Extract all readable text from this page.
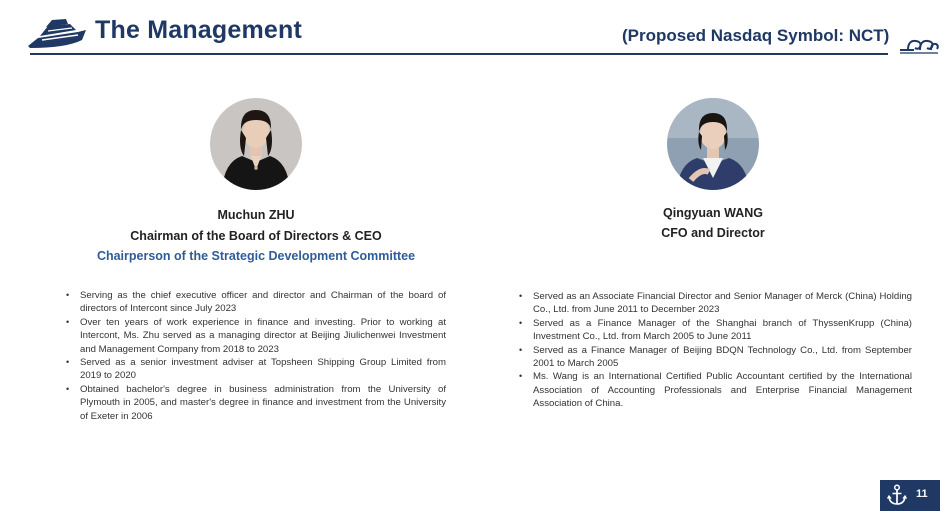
The Management	(Proposed Nasdaq Symbol: NCT)
Muchun ZHU
Chairman of the Board of Directors & CEO
Chairperson of the Strategic Development Committee
• Serving as the chief executive officer and director and Chairman of the board of directors of Intercont since July 2023
• Over ten years of work experience in finance and investing. Prior to working at Intercont, Ms. Zhu served as a managing director at Beijing Jiulichenwei Investment and Management Company from 2018 to 2023
• Served as a senior investment adviser at Topsheen Shipping Group Limited from 2019 to 2020
• Obtained bachelor's degree in business administration from the University of Plymouth in 2005, and master's degree in finance and investment from the University of Exeter in 2006
Qingyuan WANG
CFO and Director
• Served as an Associate Financial Director and Senior Manager of Merck (China) Holding Co., Ltd. from June 2011 to December 2023
• Served as a Finance Manager of the Shanghai branch of ThyssenKrupp (China) Investment Co., Ltd. from March 2005 to June 2011
• Served as a Finance Manager of Beijing BDQN Technology Co., Ltd. from September 2001 to March 2005
• Ms. Wang is an International Certified Public Accountant certified by the International Association of Accounting Professionals and Enterprise Financial Management Association of China.
11
